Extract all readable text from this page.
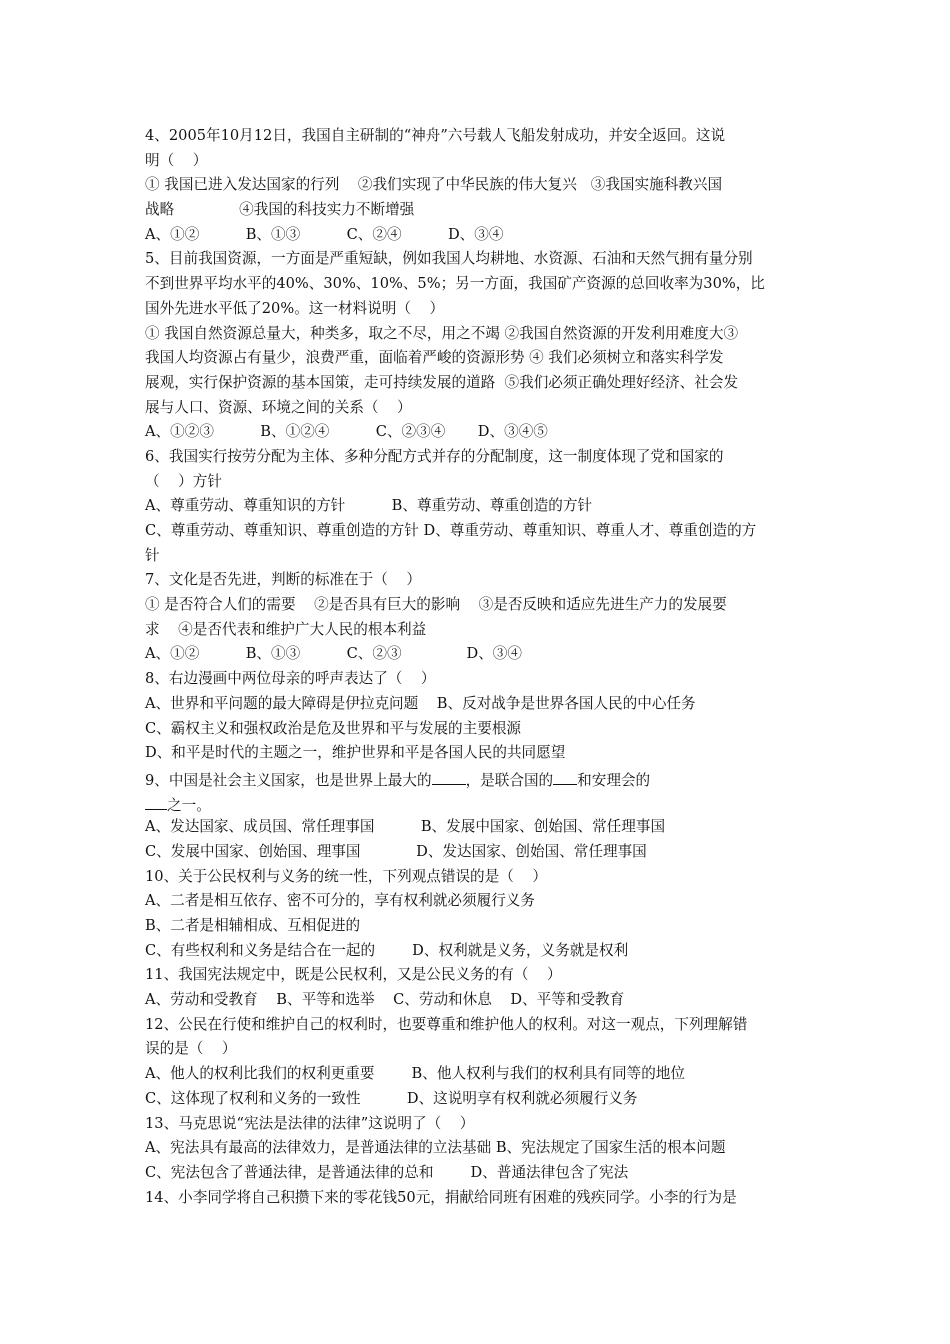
4、2005年10月12日，我国自主研制的“神舟”六号载人飞船发射成功，并安全返回。这说
明（    ）
① 我国已进入发达国家的行列    ②我们实现了中华民族的伟大复兴   ③我国实施科教兴国
战略              ④我国的科技实力不断增强
A、①②          B、①③          C、②④          D、③④
5、目前我国资源，一方面是严重短缺，例如我国人均耕地、水资源、石油和天然气拥有量分别
不到世界平均水平的40%、30%、10%、5%；另一方面，我国矿产资源的总回收率为30%，比
国外先进水平低了20%。这一材料说明（    ）
① 我国自然资源总量大，种类多，取之不尽，用之不竭 ②我国自然资源的开发利用难度大③
我国人均资源占有量少，浪费严重，面临着严峻的资源形势 ④ 我们必须树立和落实科学发
展观，实行保护资源的基本国策，走可持续发展的道路  ⑤我们必须正确处理好经济、社会发
展与人口、资源、环境之间的关系（    ）
A、①②③          B、①②④          C、②③④       D、③④⑤
6、我国实行按劳分配为主体、多种分配方式并存的分配制度，这一制度体现了党和国家的
（    ）方针
A、尊重劳动、尊重知识的方针          B、尊重劳动、尊重创造的方针
C、尊重劳动、尊重知识、尊重创造的方针 D、尊重劳动、尊重知识、尊重人才、尊重创造的方
针
7、文化是否先进，判断的标准在于（    ）
① 是否符合人们的需要    ②是否具有巨大的影响    ③是否反映和适应先进生产力的发展要
求    ④是否代表和维护广大人民的根本利益
A、①②          B、①③          C、②③              D、③④
8、右边漫画中两位母亲的呼声表达了（    ）
A、世界和平问题的最大障碍是伊拉克问题    B、反对战争是世界各国人民的中心任务
C、霸权主义和强权政治是危及世界和平与发展的主要根源
D、和平是时代的主题之一，维护世界和平是各国人民的共同愿望
9、中国是社会主义国家，也是世界上最大的 ，是联合国的 和安理会的
之一。
A、发达国家、成员国、常任理事国          B、发展中国家、创始国、常任理事国
C、发展中国家、创始国、理事国            D、发达国家、创始国、常任理事国
10、关于公民权利与义务的统一性，下列观点错误的是（    ）
A、二者是相互依存、密不可分的，享有权利就必须履行义务
B、二者是相辅相成、互相促进的
C、有些权利和义务是结合在一起的        D、权利就是义务，义务就是权利
11、我国宪法规定中，既是公民权利，又是公民义务的有（    ）
A、劳动和受教育    B、平等和选举    C、劳动和休息    D、平等和受教育
12、公民在行使和维护自己的权利时，也要尊重和维护他人的权利。对这一观点，下列理解错
误的是（    ）
A、他人的权利比我们的权利更重要        B、他人权利与我们的权利具有同等的地位
C、这体现了权利和义务的一致性          D、这说明享有权利就必须履行义务
13、马克思说“宪法是法律的法律”这说明了（    ）
A、宪法具有最高的法律效力，是普通法律的立法基础 B、宪法规定了国家生活的根本问题
C、宪法包含了普通法律，是普通法律的总和        D、普通法律包含了宪法
14、小李同学将自己积攒下来的零花钱50元，捐献给同班有困难的残疾同学。小李的行为是
